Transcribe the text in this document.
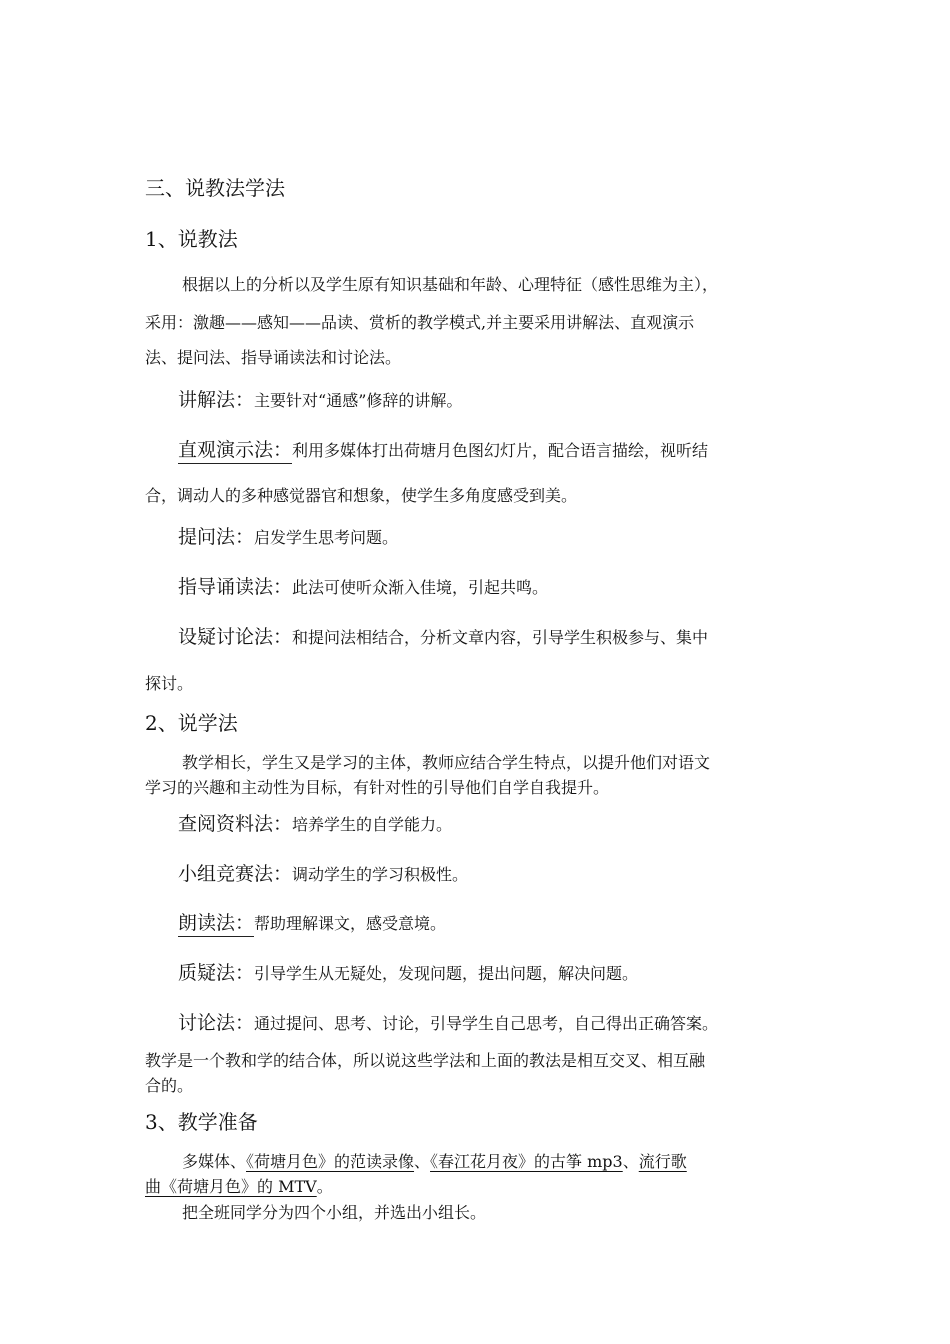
三、说教法学法
1、说教法
根据以上的分析以及学生原有知识基础和年龄、心理特征（感性思维为主），
采用：激趣——感知——品读、赏析的教学模式,并主要采用讲解法、直观演示
法、提问法、指导诵读法和讨论法。
讲解法：主要针对“通感”修辞的讲解。
直观演示法：利用多媒体打出荷塘月色图幻灯片，配合语言描绘，视听结
合，调动人的多种感觉器官和想象，使学生多角度感受到美。
提问法：启发学生思考问题。
指导诵读法：此法可使听众渐入佳境，引起共鸣。
设疑讨论法：和提问法相结合，分析文章内容，引导学生积极参与、集中
探讨。
2、说学法
教学相长，学生又是学习的主体，教师应结合学生特点，以提升他们对语文
学习的兴趣和主动性为目标，有针对性的引导他们自学自我提升。
查阅资料法：培养学生的自学能力。
小组竞赛法：调动学生的学习积极性。
朗读法：帮助理解课文，感受意境。
质疑法：引导学生从无疑处，发现问题，提出问题，解决问题。
讨论法：通过提问、思考、讨论，引导学生自己思考，自己得出正确答案。
教学是一个教和学的结合体，所以说这些学法和上面的教法是相互交叉、相互融
合的。
3、教学准备
多媒体、《荷塘月色》的范读录像、《春江花月夜》的古筝 mp3、流行歌
曲《荷塘月色》的 MTV。
把全班同学分为四个小组，并选出小组长。
